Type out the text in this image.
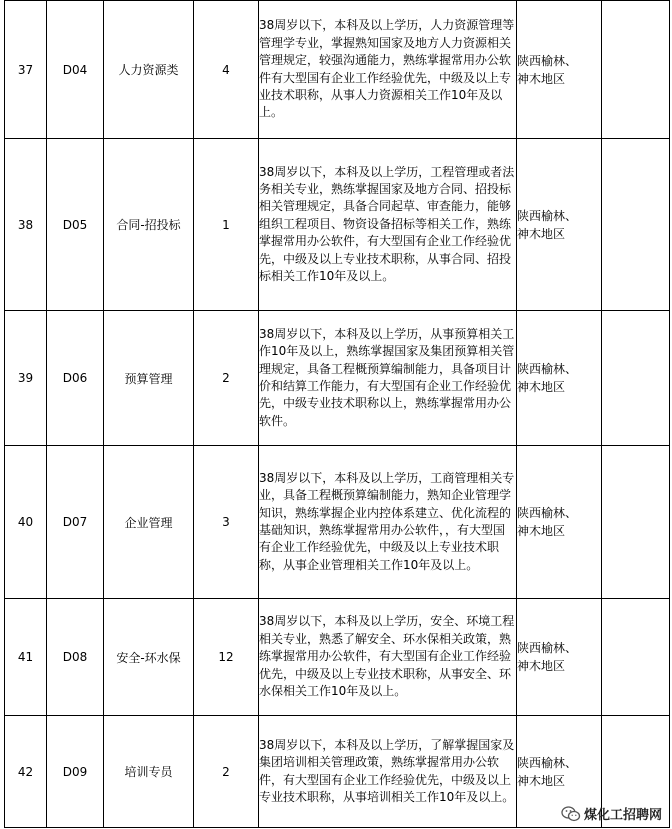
37	D04	人力资源类	4	38周岁以下，本科及以上学历，人力资源管理等管理学专业，掌握熟知国家及地方人力资源相关管理规定，较强沟通能力，熟练掌握常用办公软件有大型国有企业工作经验优先，中级及以上专业技术职称，从事人力资源相关工作10年及以上。	陕西榆林、
神木地区	

38	D05	合同-招投标	1	38周岁以下，本科及以上学历，工程管理或者法务相关专业，熟练掌握国家及地方合同、招投标相关管理规定，具备合同起草、审查能力，能够组织工程项目、物资设备招标等相关工作，熟练掌握常用办公软件，有大型国有企业工作经验优先，中级及以上专业技术职称，从事合同、招投标相关工作10年及以上。	陕西榆林、
神木地区	

39	D06	预算管理	2	38周岁以下，本科及以上学历，从事预算相关工作10年及以上，熟练掌握国家及集团预算相关管理规定，具备工程概预算编制能力，具备项目计价和结算工作能力，有大型国有企业工作经验优先，中级专业技术职称以上，熟练掌握常用办公软件。	陕西榆林、
神木地区	

40	D07	企业管理	3	38周岁以下，本科及以上学历，工商管理相关专业，具备工程概预算编制能力，熟知企业管理学知识，熟练掌握企业内控体系建立、优化流程的基础知识，熟练掌握常用办公软件，，有大型国有企业工作经验优先，中级及以上专业技术职称，从事企业管理相关工作10年及以上。	陕西榆林、
神木地区	

41	D08	安全-环水保	12	38周岁以下，本科及以上学历，安全、环境工程相关专业，熟悉了解安全、环水保相关政策，熟练掌握常用办公软件，有大型国有企业工作经验优先，中级及以上专业技术职称，从事安全、环水保相关工作10年及以上。	陕西榆林、
神木地区	

42	D09	培训专员	2	38周岁以下，本科及以上学历，了解掌握国家及集团培训相关管理政策，熟练掌握常用办公软件，有大型国有企业工作经验优先，中级及以上专业技术职称，从事培训相关工作10年及以上。	陕西榆林、
神木地区	

煤化工招聘网
